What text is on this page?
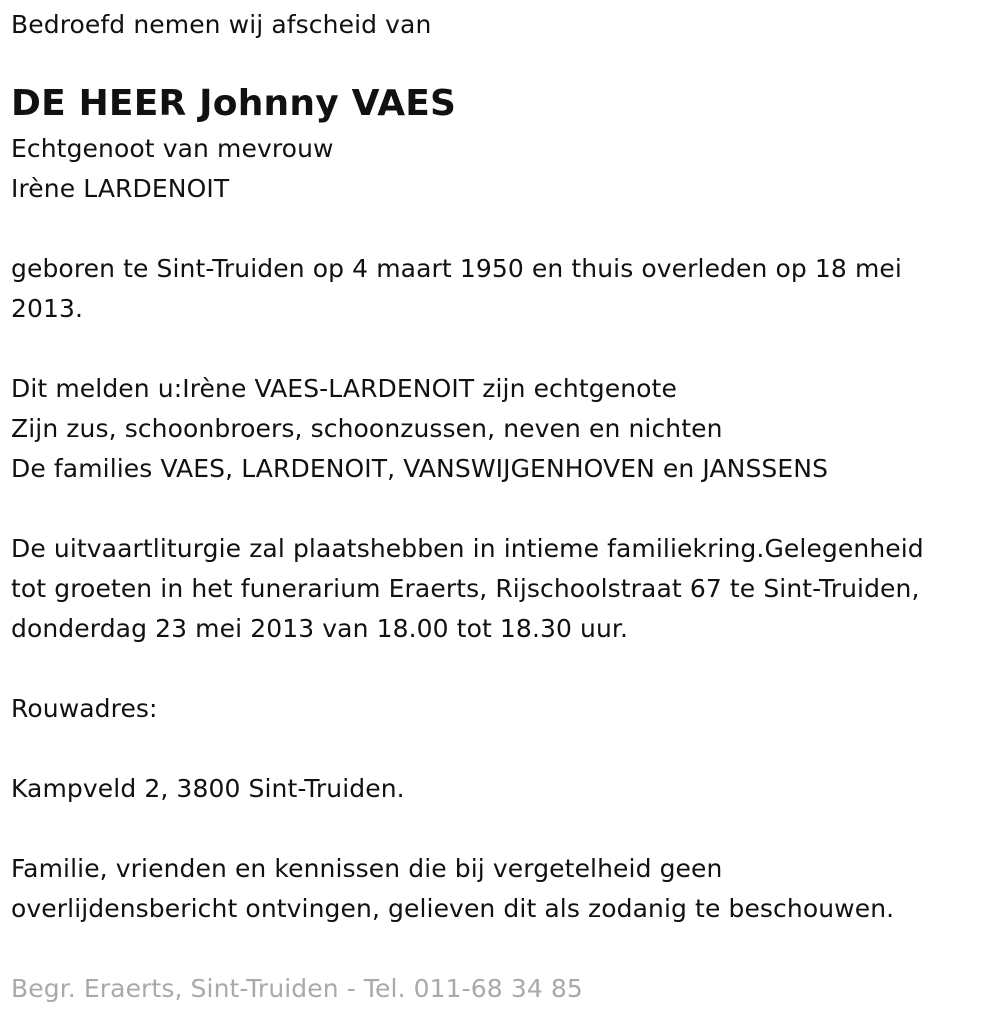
Bedroefd nemen wij afscheid van
DE HEER Johnny VAES
Echtgenoot van mevrouw
Irène LARDENOIT
geboren te Sint-Truiden op 4 maart 1950 en thuis overleden op 18 mei
2013.
Dit melden u:Irène VAES-LARDENOIT zijn echtgenote
Zijn zus, schoonbroers, schoonzussen, neven en nichten
De families VAES, LARDENOIT, VANSWIJGENHOVEN en JANSSENS
De uitvaartliturgie zal plaatshebben in intieme familiekring.Gelegenheid
tot groeten in het funerarium Eraerts, Rijschoolstraat 67 te Sint-Truiden,
donderdag 23 mei 2013 van 18.00 tot 18.30 uur.
Rouwadres:
Kampveld 2, 3800 Sint-Truiden.
Familie, vrienden en kennissen die bij vergetelheid geen
overlijdensbericht ontvingen, gelieven dit als zodanig te beschouwen.
Begr. Eraerts, Sint-Truiden - Tel. 011-68 34 85
